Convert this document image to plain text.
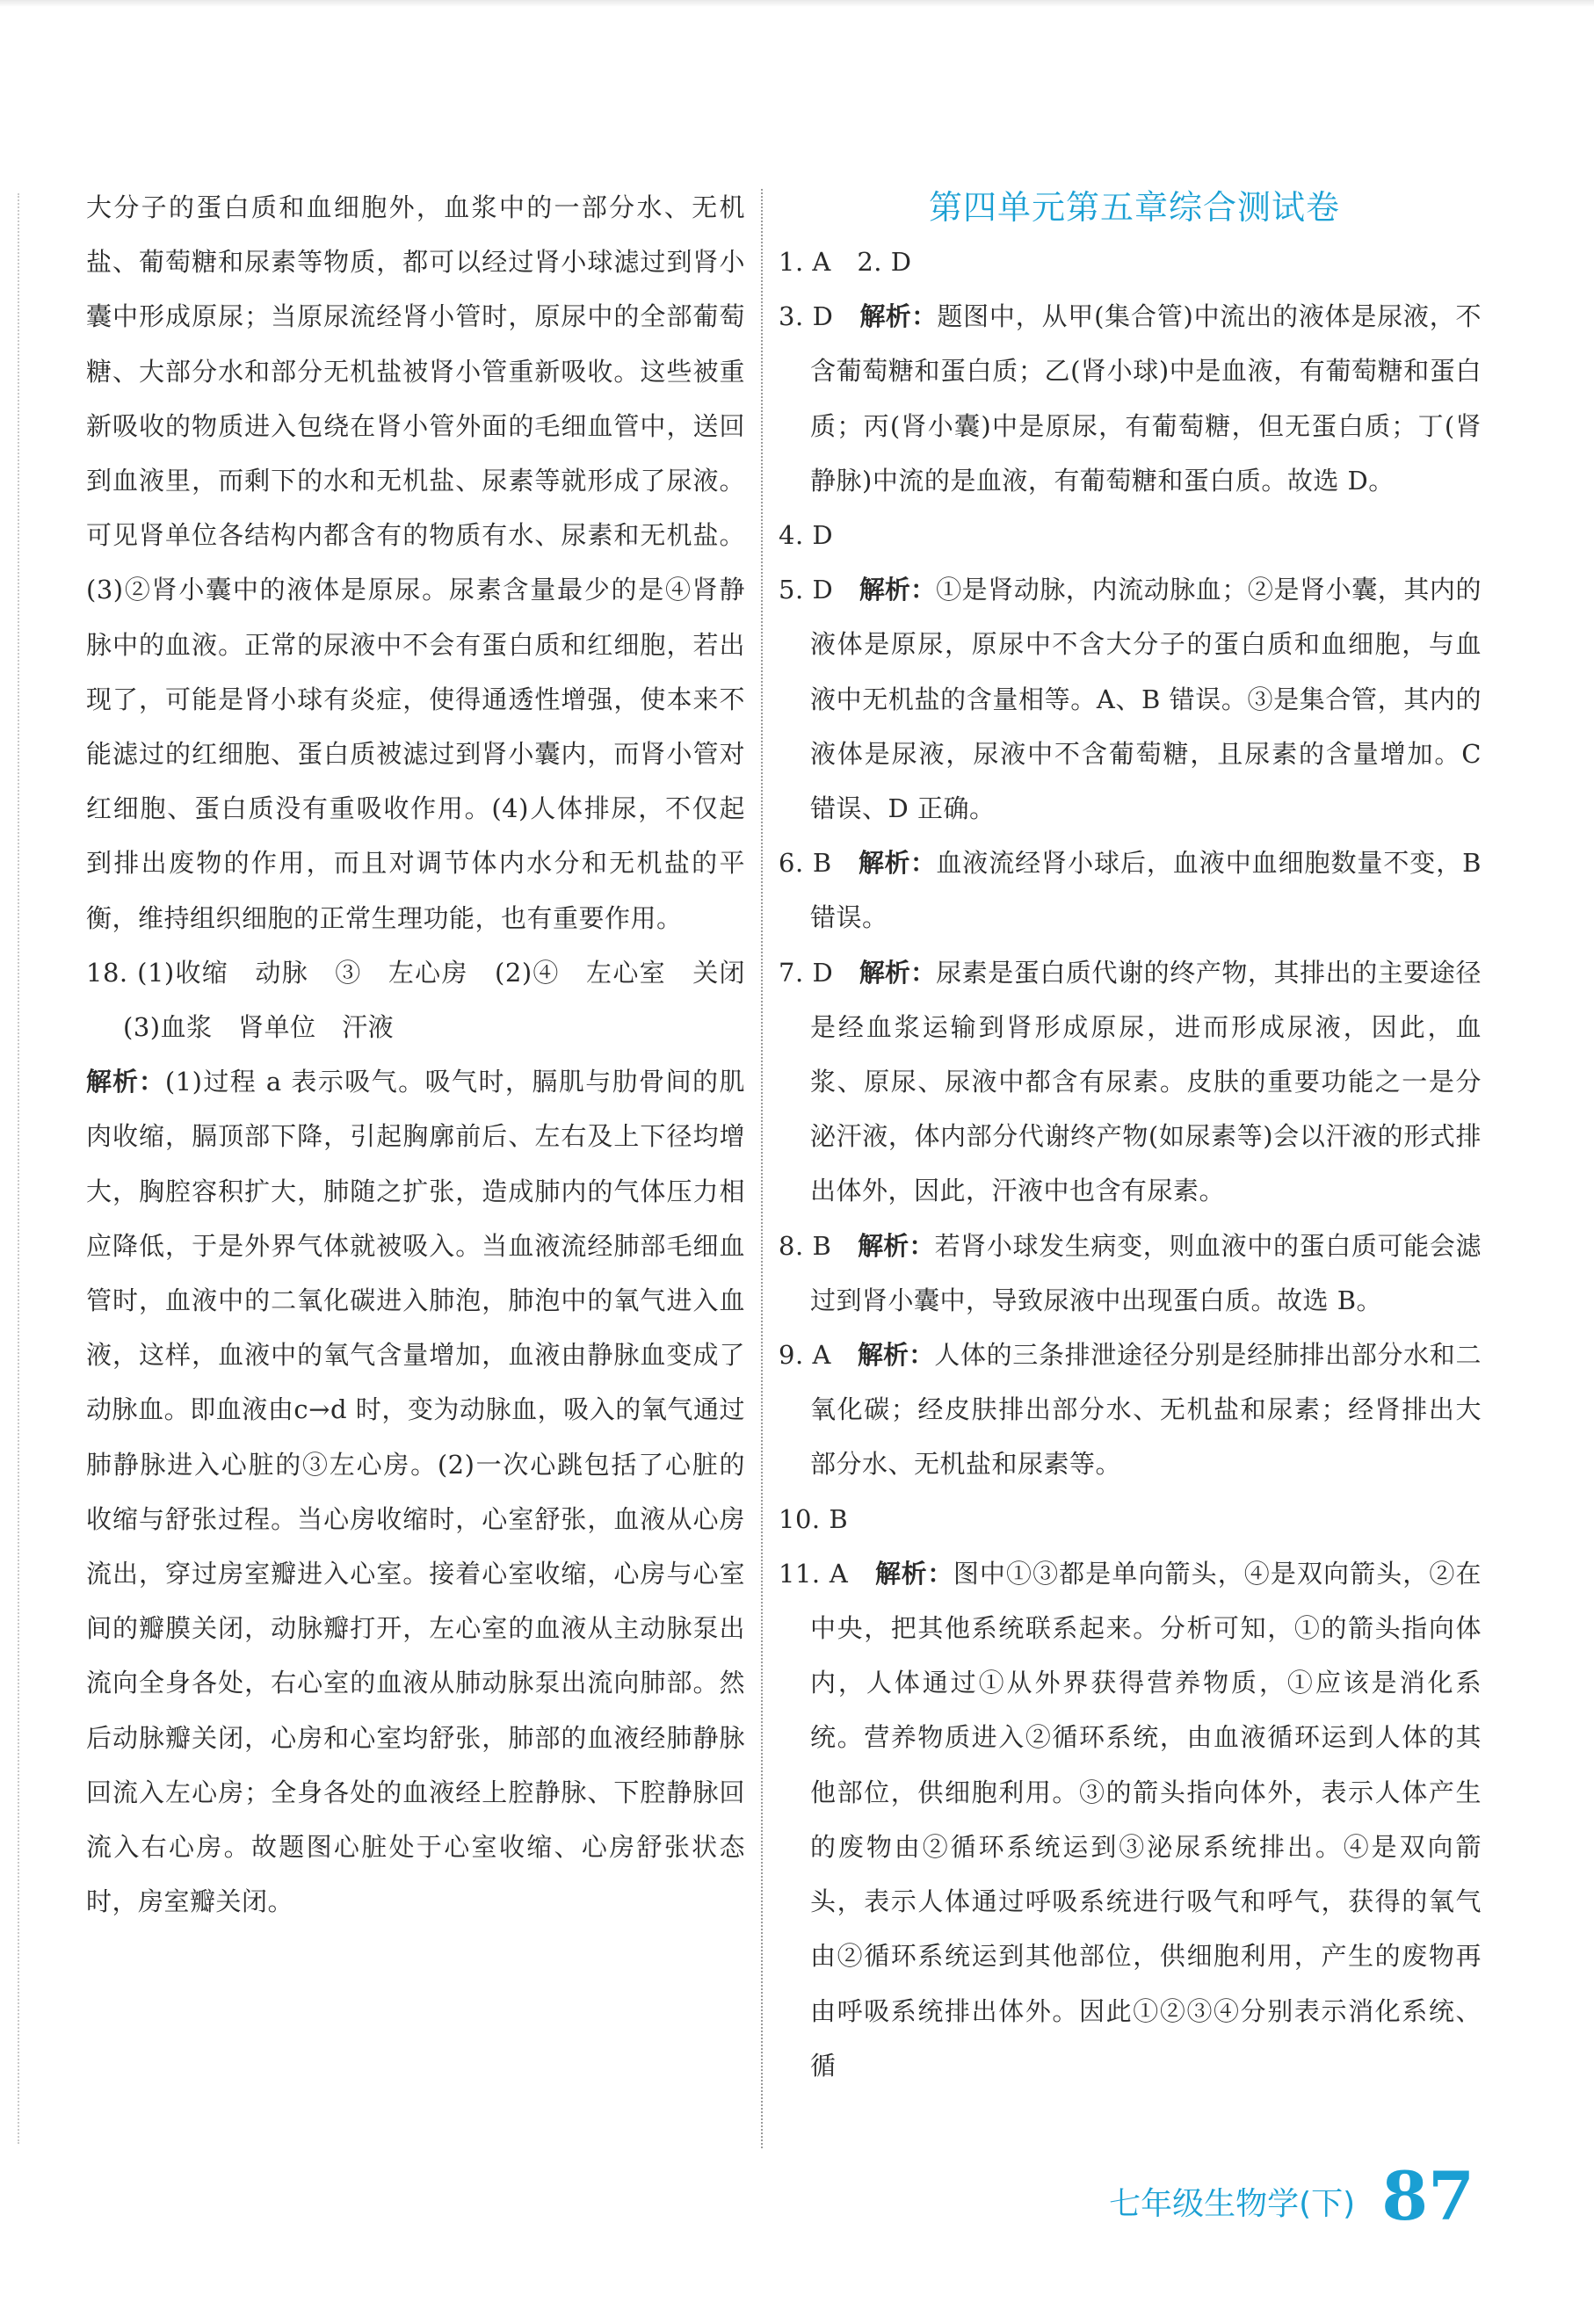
大分子的蛋白质和血细胞外，血浆中的一部分水、无机盐、葡萄糖和尿素等物质，都可以经过肾小球滤过到肾小囊中形成原尿；当原尿流经肾小管时，原尿中的全部葡萄糖、大部分水和部分无机盐被肾小管重新吸收。这些被重新吸收的物质进入包绕在肾小管外面的毛细血管中，送回到血液里，而剩下的水和无机盐、尿素等就形成了尿液。可见肾单位各结构内都含有的物质有水、尿素和无机盐。(3)②肾小囊中的液体是原尿。尿素含量最少的是④肾静脉中的血液。正常的尿液中不会有蛋白质和红细胞，若出现了，可能是肾小球有炎症，使得通透性增强，使本来不能滤过的红细胞、蛋白质被滤过到肾小囊内，而肾小管对红细胞、蛋白质没有重吸收作用。(4)人体排尿，不仅起到排出废物的作用，而且对调节体内水分和无机盐的平衡，维持组织细胞的正常生理功能，也有重要作用。

18. (1)收缩　动脉　③　左心房　(2)④　左心室　关闭　(3)血浆　肾单位　汗液

解析：(1)过程 a 表示吸气。吸气时，膈肌与肋骨间的肌肉收缩，膈顶部下降，引起胸廓前后、左右及上下径均增大，胸腔容积扩大，肺随之扩张，造成肺内的气体压力相应降低，于是外界气体就被吸入。当血液流经肺部毛细血管时，血液中的二氧化碳进入肺泡，肺泡中的氧气进入血液，这样，血液中的氧气含量增加，血液由静脉血变成了动脉血。即血液由c→d 时，变为动脉血，吸入的氧气通过肺静脉进入心脏的③左心房。(2)一次心跳包括了心脏的收缩与舒张过程。当心房收缩时，心室舒张，血液从心房流出，穿过房室瓣进入心室。接着心室收缩，心房与心室间的瓣膜关闭，动脉瓣打开，左心室的血液从主动脉泵出流向全身各处，右心室的血液从肺动脉泵出流向肺部。然后动脉瓣关闭，心房和心室均舒张，肺部的血液经肺静脉回流入左心房；全身各处的血液经上腔静脉、下腔静脉回流入右心房。故题图心脏处于心室收缩、心房舒张状态时，房室瓣关闭。

第四单元第五章综合测试卷

1. A　2. D

3. D　解析：题图中，从甲(集合管)中流出的液体是尿液，不含葡萄糖和蛋白质；乙(肾小球)中是血液，有葡萄糖和蛋白质；丙(肾小囊)中是原尿，有葡萄糖，但无蛋白质；丁(肾静脉)中流的是血液，有葡萄糖和蛋白质。故选 D。

4. D

5. D　解析：①是肾动脉，内流动脉血；②是肾小囊，其内的液体是原尿，原尿中不含大分子的蛋白质和血细胞，与血液中无机盐的含量相等。A、B 错误。③是集合管，其内的液体是尿液，尿液中不含葡萄糖，且尿素的含量增加。C 错误、D 正确。

6. B　解析：血液流经肾小球后，血液中血细胞数量不变，B 错误。

7. D　解析：尿素是蛋白质代谢的终产物，其排出的主要途径是经血浆运输到肾形成原尿，进而形成尿液，因此，血浆、原尿、尿液中都含有尿素。皮肤的重要功能之一是分泌汗液，体内部分代谢终产物(如尿素等)会以汗液的形式排出体外，因此，汗液中也含有尿素。

8. B　解析：若肾小球发生病变，则血液中的蛋白质可能会滤过到肾小囊中，导致尿液中出现蛋白质。故选 B。

9. A　解析：人体的三条排泄途径分别是经肺排出部分水和二氧化碳；经皮肤排出部分水、无机盐和尿素；经肾排出大部分水、无机盐和尿素等。

10. B

11. A　解析：图中①③都是单向箭头，④是双向箭头，②在中央，把其他系统联系起来。分析可知，①的箭头指向体内，人体通过①从外界获得营养物质，①应该是消化系统。营养物质进入②循环系统，由血液循环运到人体的其他部位，供细胞利用。③的箭头指向体外，表示人体产生的废物由②循环系统运到③泌尿系统排出。④是双向箭头，表示人体通过呼吸系统进行吸气和呼气，获得的氧气由②循环系统运到其他部位，供细胞利用，产生的废物再由呼吸系统排出体外。因此①②③④分别表示消化系统、循

七年级生物学(下) 87
